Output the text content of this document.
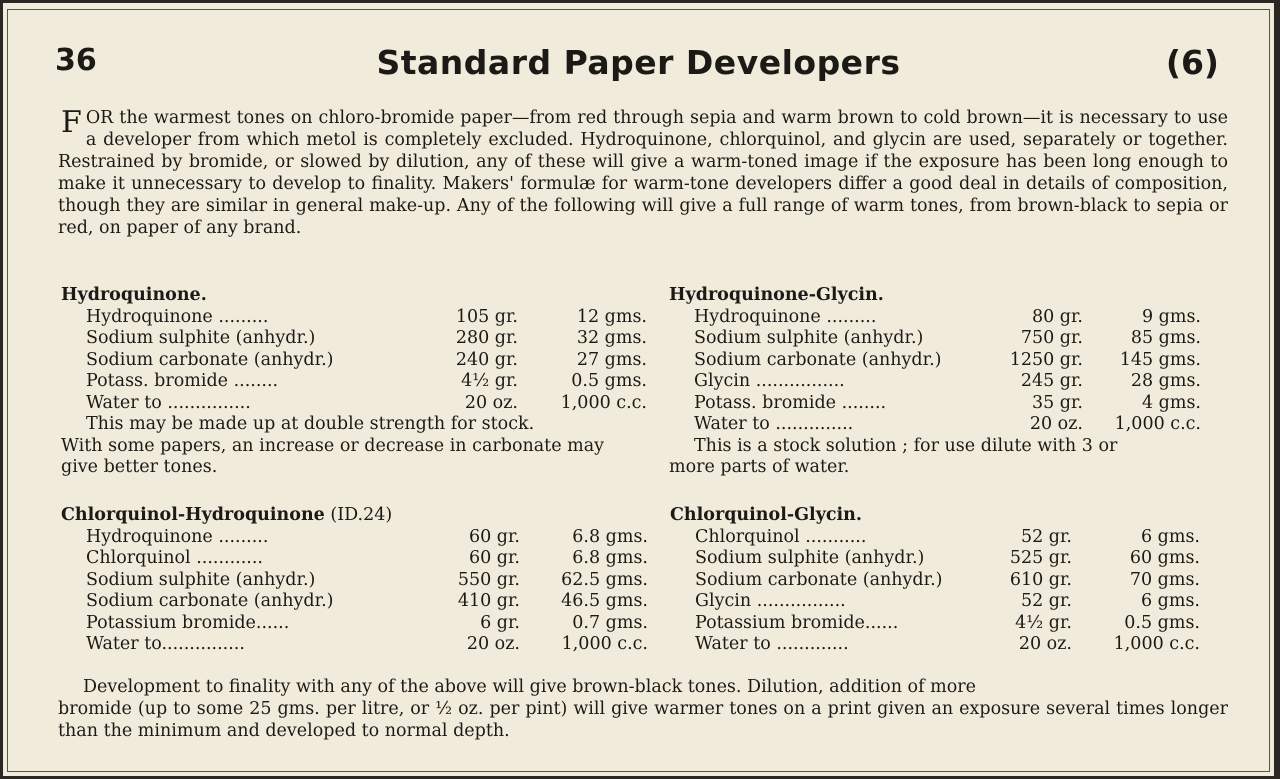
Standard Paper Developers
36	(6)
FOR the warmest tones on chloro-bromide paper—from red through sepia and warm brown to cold brown—it is necessary to use a developer from which metol is completely excluded. Hydroquinone, chlorquinol, and glycin are used, separately or together. Restrained by bromide, or slowed by dilution, any of these will give a warm-toned image if the exposure has been long enough to make it unnecessary to develop to finality. Makers' formulæ for warm-tone developers differ a good deal in details of composition, though they are similar in general make-up. Any of the following will give a full range of warm tones, from brown-black to sepia or red, on paper of any brand.
Hydroquinone.
Hydroquinone .........	105 gr.	12 gms.
Sodium sulphite (anhydr.)	280 gr.	32 gms.
Sodium carbonate (anhydr.)	240 gr.	27 gms.
Potass. bromide ........	4½ gr.	0.5 gms.
Water to ...............	20 oz.	1,000 c.c.
This may be made up at double strength for stock.
With some papers, an increase or decrease in carbonate may give better tones.
Hydroquinone-Glycin.
Hydroquinone .........	80 gr.	9 gms.
Sodium sulphite (anhydr.)	750 gr.	85 gms.
Sodium carbonate (anhydr.)	1250 gr.	145 gms.
Glycin ................	245 gr.	28 gms.
Potass. bromide ........	35 gr.	4 gms.
Water to ..............	20 oz.	1,000 c.c.
This is a stock solution ; for use dilute with 3 or
more parts of water.
Chlorquinol-Hydroquinone (ID.24)
Hydroquinone .........	60 gr.	6.8 gms.
Chlorquinol ............	60 gr.	6.8 gms.
Sodium sulphite (anhydr.)	550 gr.	62.5 gms.
Sodium carbonate (anhydr.)	410 gr.	46.5 gms.
Potassium bromide......	6 gr.	0.7 gms.
Water to...............	20 oz.	1,000 c.c.
Chlorquinol-Glycin.
Chlorquinol ...........	52 gr.	6 gms.
Sodium sulphite (anhydr.)	525 gr.	60 gms.
Sodium carbonate (anhydr.)	610 gr.	70 gms.
Glycin ................	52 gr.	6 gms.
Potassium bromide......	4½ gr.	0.5 gms.
Water to .............	20 oz.	1,000 c.c.
Development to finality with any of the above will give brown-black tones. Dilution, addition of more
bromide (up to some 25 gms. per litre, or ½ oz. per pint) will give warmer tones on a print given an exposure several times longer than the minimum and developed to normal depth.
